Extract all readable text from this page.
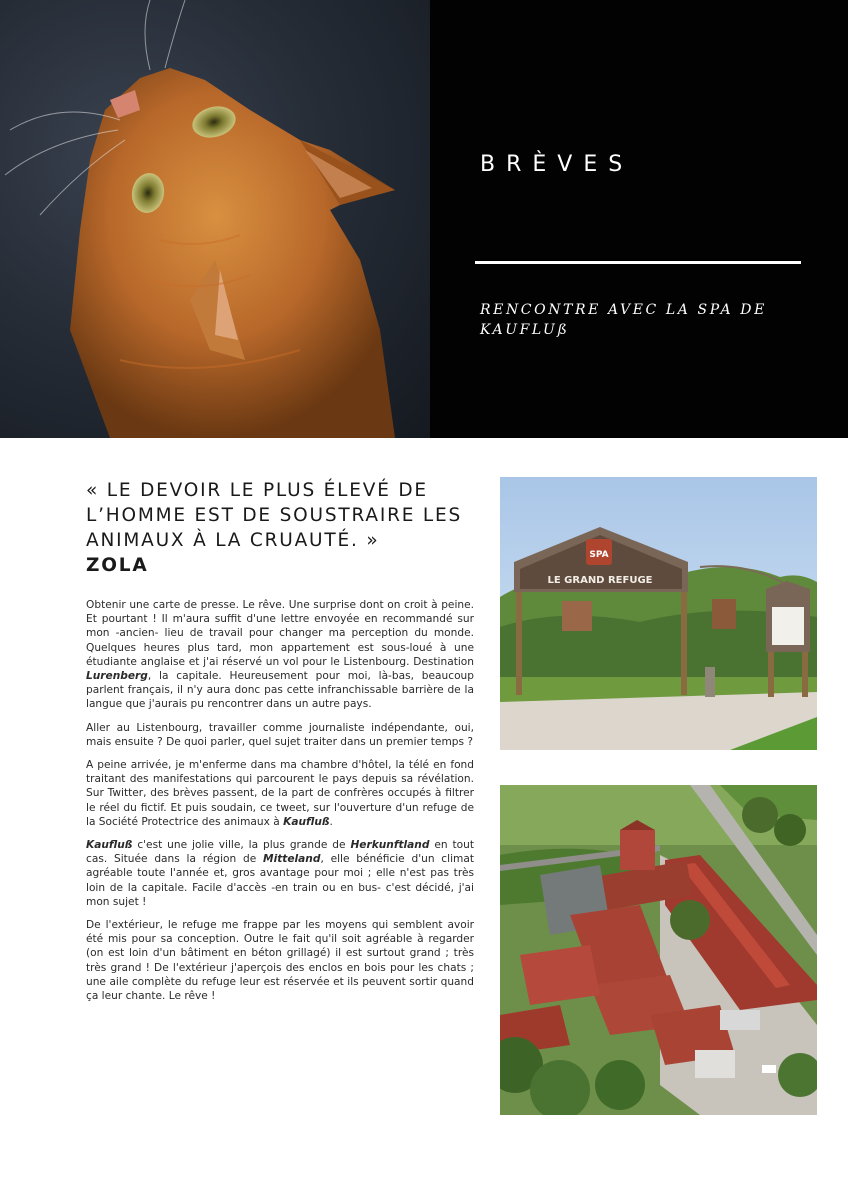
BRÈVES
RENCONTRE AVEC LA SPA DE KAUFLUß
« LE DEVOIR LE PLUS ÉLEVÉ DE L’HOMME EST DE SOUSTRAIRE LES ANIMAUX À LA CRUAUTÉ. »
ZOLA

Obtenir une carte de presse. Le rêve. Une surprise dont on croit à peine. Et pourtant ! Il m'aura suffit d'une lettre envoyée en recommandé sur mon -ancien- lieu de travail pour changer ma perception du monde. Quelques heures plus tard, mon appartement est sous-loué à une étudiante anglaise et j'ai réservé un vol pour le Listenbourg. Destination Lurenberg, la capitale. Heureusement pour moi, là-bas, beaucoup parlent français, il n'y aura donc pas cette infranchissable barrière de la langue que j'aurais pu rencontrer dans un autre pays.

Aller au Listenbourg, travailler comme journaliste indépendante, oui, mais ensuite ? De quoi parler, quel sujet traiter dans un premier temps ?

A peine arrivée, je m'enferme dans ma chambre d'hôtel, la télé en fond traitant des manifestations qui parcourent le pays depuis sa révélation. Sur Twitter, des brèves passent, de la part de confrères occupés à filtrer le réel du fictif. Et puis soudain, ce tweet, sur l'ouverture d'un refuge de la Société Protectrice des animaux à Kaufluß.

Kaufluß c'est une jolie ville, la plus grande de Herkunftland en tout cas. Située dans la région de Mitteland, elle bénéficie d'un climat agréable toute l'année et, gros avantage pour moi ; elle n'est pas très loin de la capitale. Facile d'accès -en train ou en bus- c'est décidé, j'ai mon sujet !

De l'extérieur, le refuge me frappe par les moyens qui semblent avoir été mis pour sa conception. Outre le fait qu'il soit agréable à regarder (on est loin d'un bâtiment en béton grillagé) il est surtout grand ; très très grand ! De l'extérieur j'aperçois des enclos en bois pour les chats ; une aile complète du refuge leur est réservée et ils peuvent sortir quand ça leur chante. Le rêve !

SPA
LE GRAND REFUGE
